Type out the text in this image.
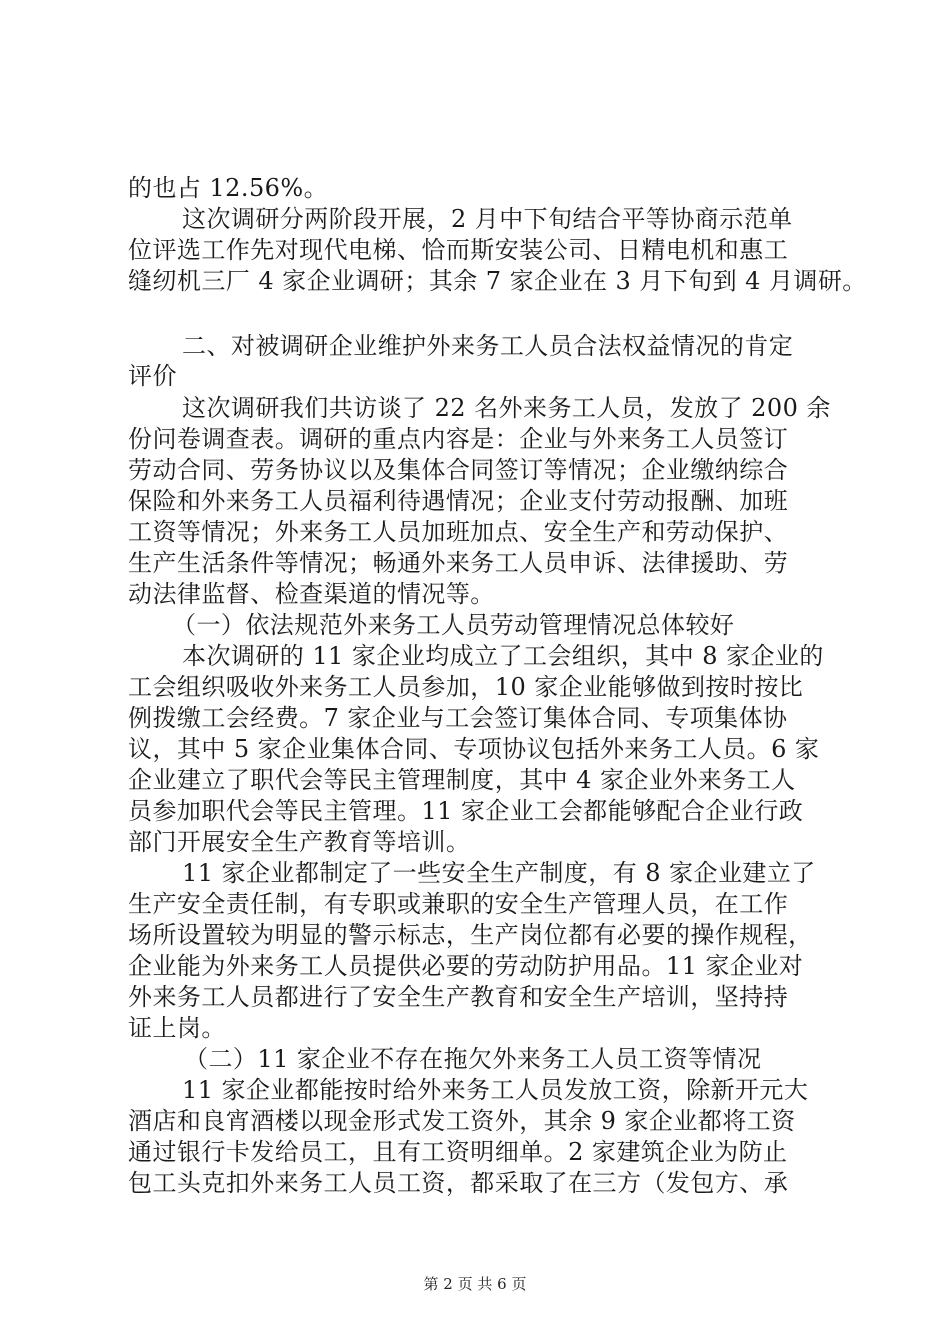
的也占 12.56%。
这次调研分两阶段开展，2 月中下旬结合平等协商示范单
位评选工作先对现代电梯、恰而斯安装公司、日精电机和惠工
缝纫机三厂 4 家企业调研；其余 7 家企业在 3 月下旬到 4 月调研。
二、对被调研企业维护外来务工人员合法权益情况的肯定
评价
这次调研我们共访谈了 22 名外来务工人员，发放了 200 余
份问卷调查表。调研的重点内容是：企业与外来务工人员签订
劳动合同、劳务协议以及集体合同签订等情况；企业缴纳综合
保险和外来务工人员福利待遇情况；企业支付劳动报酬、加班
工资等情况；外来务工人员加班加点、安全生产和劳动保护、
生产生活条件等情况；畅通外来务工人员申诉、法律援助、劳
动法律监督、检查渠道的情况等。
（一）依法规范外来务工人员劳动管理情况总体较好
本次调研的 11 家企业均成立了工会组织，其中 8 家企业的
工会组织吸收外来务工人员参加，10 家企业能够做到按时按比
例拨缴工会经费。7 家企业与工会签订集体合同、专项集体协
议，其中 5 家企业集体合同、专项协议包括外来务工人员。6 家
企业建立了职代会等民主管理制度，其中 4 家企业外来务工人
员参加职代会等民主管理。11 家企业工会都能够配合企业行政
部门开展安全生产教育等培训。
11 家企业都制定了一些安全生产制度，有 8 家企业建立了
生产安全责任制，有专职或兼职的安全生产管理人员，在工作
场所设置较为明显的警示标志，生产岗位都有必要的操作规程，
企业能为外来务工人员提供必要的劳动防护用品。11 家企业对
外来务工人员都进行了安全生产教育和安全生产培训，坚持持
证上岗。
（二）11 家企业不存在拖欠外来务工人员工资等情况
11 家企业都能按时给外来务工人员发放工资，除新开元大
酒店和良宵酒楼以现金形式发工资外，其余 9 家企业都将工资
通过银行卡发给员工，且有工资明细单。2 家建筑企业为防止
包工头克扣外来务工人员工资，都采取了在三方（发包方、承
第 2 页 共 6 页
